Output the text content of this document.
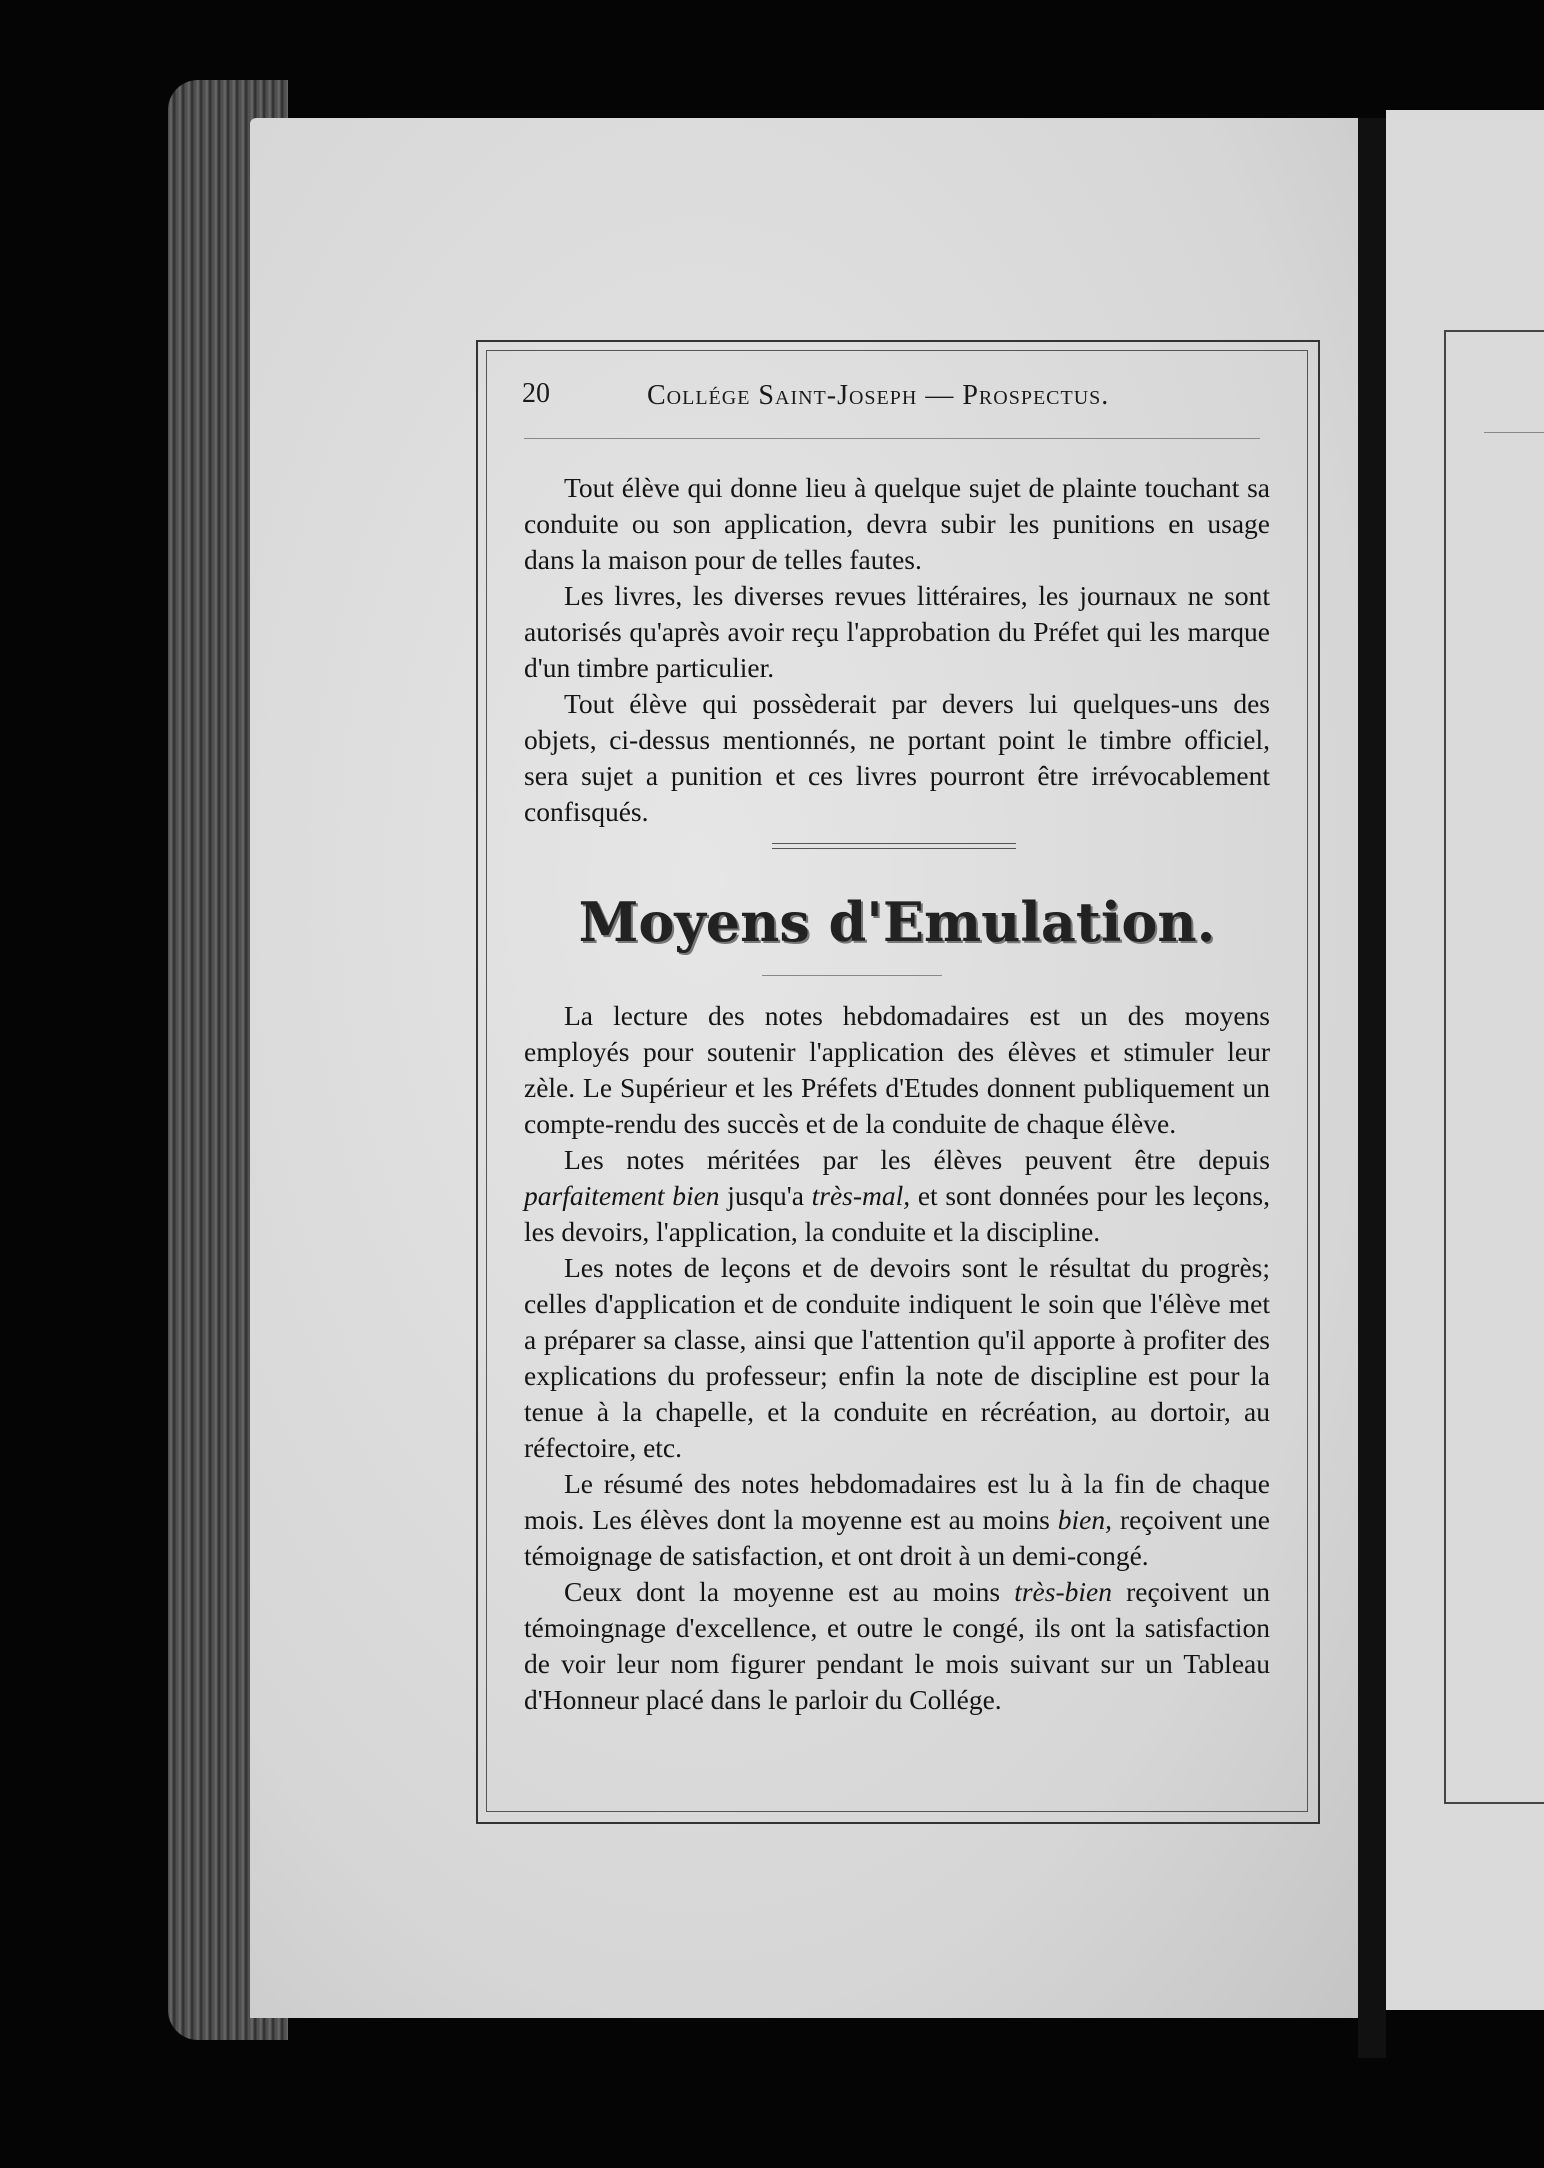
20	Collége Saint-Joseph — Prospectus.

Tout élève qui donne lieu à quelque sujet de plainte touchant sa conduite ou son application, devra subir les punitions en usage dans la maison pour de telles fautes.

Les livres, les diverses revues littéraires, les journaux ne sont autorisés qu'après avoir reçu l'approbation du Préfet qui les marque d'un timbre particulier.

Tout élève qui possèderait par devers lui quelques-uns des objets, ci-dessus mentionnés, ne portant point le timbre officiel, sera sujet a punition et ces livres pourront être irrévocablement confisqués.

Moyens d'Emulation.

La lecture des notes hebdomadaires est un des moyens employés pour soutenir l'application des élèves et stimuler leur zèle. Le Supérieur et les Préfets d'Etudes donnent publiquement un compte-rendu des succès et de la conduite de chaque élève.

Les notes méritées par les élèves peuvent être depuis parfaitement bien jusqu'a très-mal, et sont données pour les leçons, les devoirs, l'application, la conduite et la discipline.

Les notes de leçons et de devoirs sont le résultat du progrès; celles d'application et de conduite indiquent le soin que l'élève met a préparer sa classe, ainsi que l'attention qu'il apporte à profiter des explications du professeur; enfin la note de discipline est pour la tenue à la chapelle, et la conduite en récréation, au dortoir, au réfectoire, etc.

Le résumé des notes hebdomadaires est lu à la fin de chaque mois. Les élèves dont la moyenne est au moins bien, reçoivent une témoignage de satisfaction, et ont droit à un demi-congé.

Ceux dont la moyenne est au moins très-bien reçoivent un témoingnage d'excellence, et outre le congé, ils ont la satisfaction de voir leur nom figurer pendant le mois suivant sur un Tableau d'Honneur placé dans le parloir du Collége.
